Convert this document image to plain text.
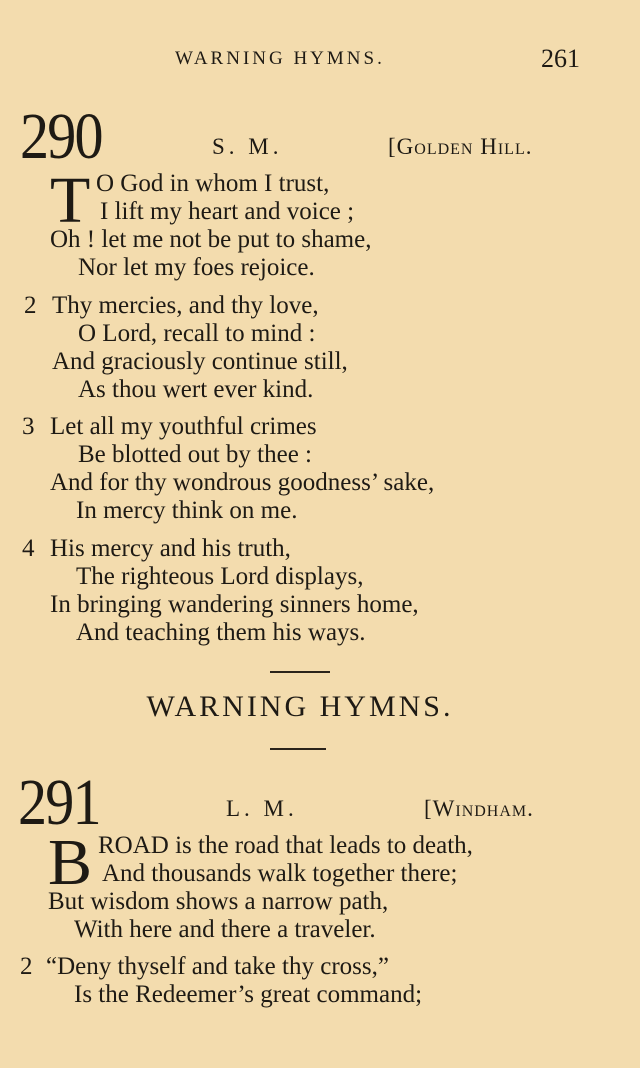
WARNING HYMNS.	261
290	S. M.	[Golden Hill.
T O God in whom I trust,
I lift my heart and voice ;
Oh ! let me not be put to shame,
Nor let my foes rejoice.
2 Thy mercies, and thy love,
O Lord, recall to mind :
And graciously continue still,
As thou wert ever kind.
3 Let all my youthful crimes
Be blotted out by thee :
And for thy wondrous goodness’ sake,
In mercy think on me.
4 His mercy and his truth,
The righteous Lord displays,
In bringing wandering sinners home,
And teaching them his ways.
WARNING HYMNS.
291	L. M.	[Windham.
B ROAD is the road that leads to death,
And thousands walk together there;
But wisdom shows a narrow path,
With here and there a traveler.
2 “Deny thyself and take thy cross,”
Is the Redeemer’s great command;
